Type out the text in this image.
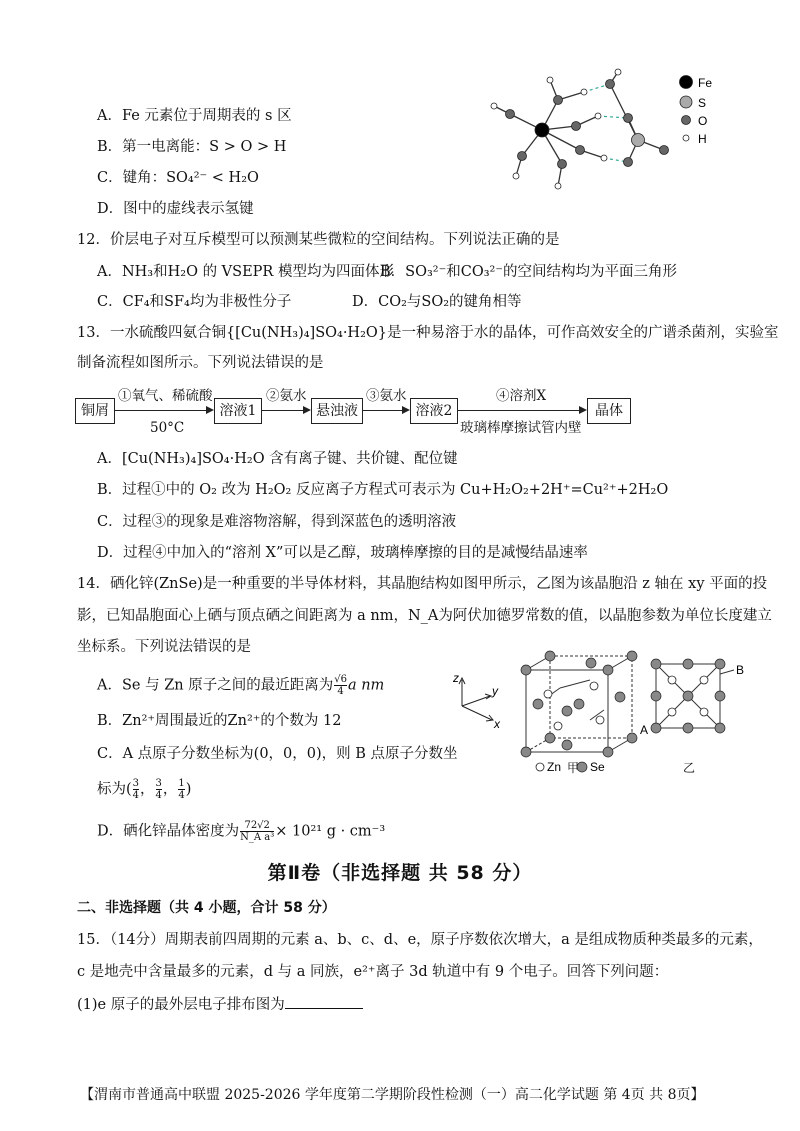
A．Fe 元素位于周期表的 s 区
B．第一电离能：S > O > H
C．键角：SO₄²⁻ < H₂O
D．图中的虚线表示氢键
Fe
S
O
H
12．价层电子对互斥模型可以预测某些微粒的空间结构。下列说法正确的是
A．NH₃和H₂O 的 VSEPR 模型均为四面体形
B．SO₃²⁻和CO₃²⁻的空间结构均为平面三角形
C．CF₄和SF₄均为非极性分子	D．CO₂与SO₂的键角相等
13．一水硫酸四氨合铜{[Cu(NH₃)₄]SO₄·H₂O}是一种易溶于水的晶体，可作高效安全的广谱杀菌剂，实验室
制备流程如图所示。下列说法错误的是
铜屑
①氧气、稀硫酸
50°C
溶液1
②氨水
悬浊液
③氨水
溶液2
④溶剂X
玻璃棒摩擦试管内壁
晶体
A．[Cu(NH₃)₄]SO₄·H₂O 含有离子键、共价键、配位键
B．过程①中的 O₂ 改为 H₂O₂ 反应离子方程式可表示为 Cu+H₂O₂+2H⁺=Cu²⁺+2H₂O
C．过程③的现象是难溶物溶解，得到深蓝色的透明溶液
D．过程④中加入的“溶剂 X”可以是乙醇，玻璃棒摩擦的目的是减慢结晶速率
14．硒化锌(ZnSe)是一种重要的半导体材料，其晶胞结构如图甲所示，乙图为该晶胞沿 z 轴在 xy 平面的投
影，已知晶胞面心上硒与顶点硒之间距离为 a nm，N_A为阿伏加德罗常数的值，以晶胞参数为单位长度建立
坐标系。下列说法错误的是
A．Se 与 Zn 原子之间的最近距离为 $\frac{√6}{4}$ a nm
B．Zn²⁺周围最近的Zn²⁺的个数为 12
C．A 点原子分数坐标为(0，0，0)，则 B 点原子分数坐
标为( $\frac{3}{4}$ ， $\frac{3}{4}$ ， $\frac{1}{4}$ )
D．硒化锌晶体密度为 $\frac{72√2}{\text{N\_A a³}} \times 10^{21}$ g · cm⁻³
z
y
x
Zn Se
B
A
甲	乙
第Ⅱ卷（非选择题 共 58 分）
二、非选择题（共 4 小题，合计 58 分）
15．（14分）周期表前四周期的元素 a、b、c、d、e，原子序数依次增大，a 是组成物质种类最多的元素，
c 是地壳中含量最多的元素，d 与 a 同族，e²⁺离子 3d 轨道中有 9 个电子。回答下列问题：
(1)e 原子的最外层电子排布图为
【渭南市普通高中联盟 2025-2026 学年度第二学期阶段性检测（一）高二化学试题 第 4页 共 8页】
